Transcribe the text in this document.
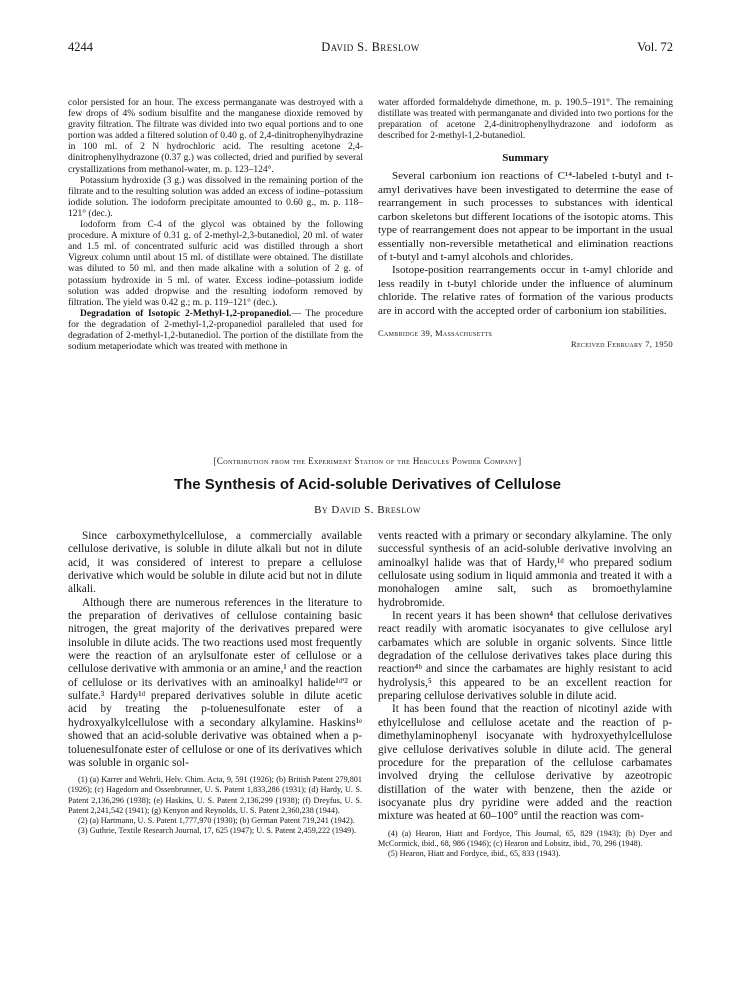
4244	David S. Breslow	Vol. 72

color persisted for an hour. The excess permanganate was destroyed with a few drops of 4% sodium bisulfite and the manganese dioxide removed by gravity filtration. The filtrate was divided into two equal portions and to one portion was added a filtered solution of 0.40 g. of 2,4-dinitrophenylhydrazine in 100 ml. of 2 N hydrochloric acid. The resulting acetone 2,4-dinitrophenylhydrazone (0.37 g.) was collected, dried and purified by several crystallizations from methanol-water, m. p. 123–124°.

Potassium hydroxide (3 g.) was dissolved in the remaining portion of the filtrate and to the resulting solution was added an excess of iodine–potassium iodide solution. The iodoform precipitate amounted to 0.60 g., m. p. 118–121° (dec.).

Iodoform from C-4 of the glycol was obtained by the following procedure. A mixture of 0.31 g. of 2-methyl-2,3-butanediol, 20 ml. of water and 1.5 ml. of concentrated sulfuric acid was distilled through a short Vigreux column until about 15 ml. of distillate were obtained. The distillate was diluted to 50 ml. and then made alkaline with a solution of 2 g. of potassium hydroxide in 5 ml. of water. Excess iodine–potassium iodide solution was added dropwise and the resulting iodoform removed by filtration. The yield was 0.42 g.; m. p. 119–121° (dec.).

Degradation of Isotopic 2-Methyl-1,2-propanediol.— The procedure for the degradation of 2-methyl-1,2-propanediol paralleled that used for degradation of 2-methyl-1,2-butanediol. The portion of the distillate from the sodium metaperiodate which was treated with methone in

water afforded formaldehyde dimethone, m. p. 190.5–191°. The remaining distillate was treated with permanganate and divided into two portions for the preparation of acetone 2,4-dinitrophenylhydrazone and iodoform as described for 2-methyl-1,2-butanediol.

Summary

Several carbonium ion reactions of C¹⁴-labeled t-butyl and t-amyl derivatives have been investigated to determine the ease of rearrangement in such processes to substances with identical carbon skeletons but different locations of the isotopic atoms. This type of rearrangement does not appear to be important in the usual essentially non-reversible metathetical and elimination reactions of t-butyl and t-amyl alcohols and chlorides.

Isotope-position rearrangements occur in t-amyl chloride and less readily in t-butyl chloride under the influence of aluminum chloride. The relative rates of formation of the various products are in accord with the accepted order of carbonium ion stabilities.

Cambridge 39, Massachusetts
Received February 7, 1950
[Contribution from the Experiment Station of the Hercules Powder Company]
The Synthesis of Acid-soluble Derivatives of Cellulose
By David S. Breslow

Since carboxymethylcellulose, a commercially available cellulose derivative, is soluble in dilute alkali but not in dilute acid, it was considered of interest to prepare a cellulose derivative which would be soluble in dilute acid but not in dilute alkali.

Although there are numerous references in the literature to the preparation of derivatives of cellulose containing basic nitrogen, the great majority of the derivatives prepared were insoluble in dilute acids. The two reactions used most frequently were the reaction of an arylsulfonate ester of cellulose or a cellulose derivative with ammonia or an amine,¹ and the reaction of cellulose or its derivatives with an aminoalkyl halide¹ᵈ'² or sulfate.³ Hardy¹ᵈ prepared derivatives soluble in dilute acetic acid by treating the p-toluenesulfonate ester of a hydroxyalkylcellulose with a secondary alkylamine. Haskins¹ᵉ showed that an acid-soluble derivative was obtained when a p-toluenesulfonate ester of cellulose or one of its derivatives which was soluble in organic sol-

(1) (a) Karrer and Wehrli, Helv. Chim. Acta, 9, 591 (1926); (b) British Patent 279,801 (1926); (c) Hagedorn and Ossenbrunner, U. S. Patent 1,833,286 (1931); (d) Hardy, U. S. Patent 2,136,296 (1938); (e) Haskins, U. S. Patent 2,136,299 (1938); (f) Dreyfus, U. S. Patent 2,241,542 (1941); (g) Kenyon and Reynolds, U. S. Patent 2,360,238 (1944).

(2) (a) Hartmann, U. S. Patent 1,777,970 (1930); (b) German Patent 719,241 (1942).

(3) Guthrie, Textile Research Journal, 17, 625 (1947); U. S. Patent 2,459,222 (1949).

vents reacted with a primary or secondary alkylamine. The only successful synthesis of an acid-soluble derivative involving an aminoalkyl halide was that of Hardy,¹ᵈ who prepared sodium cellulosate using sodium in liquid ammonia and treated it with a monohalogen amine salt, such as bromoethylamine hydrobromide.

In recent years it has been shown⁴ that cellulose derivatives react readily with aromatic isocyanates to give cellulose aryl carbamates which are soluble in organic solvents. Since little degradation of the cellulose derivatives takes place during this reaction⁴ᵇ and since the carbamates are highly resistant to acid hydrolysis,⁵ this appeared to be an excellent reaction for preparing cellulose derivatives soluble in dilute acid.

It has been found that the reaction of nicotinyl azide with ethylcellulose and cellulose acetate and the reaction of p-dimethylaminophenyl isocyanate with hydroxyethylcellulose give cellulose derivatives soluble in dilute acid. The general procedure for the preparation of the cellulose carbamates involved drying the cellulose derivative by azeotropic distillation of the water with benzene, then the azide or isocyanate plus dry pyridine were added and the reaction mixture was heated at 60–100° until the reaction was com-

(4) (a) Hearon, Hiatt and Fordyce, This Journal, 65, 829 (1943); (b) Dyer and McCormick, ibid., 68, 986 (1946); (c) Hearon and Lobsitz, ibid., 70, 296 (1948).

(5) Hearon, Hiatt and Fordyce, ibid., 65, 833 (1943).
